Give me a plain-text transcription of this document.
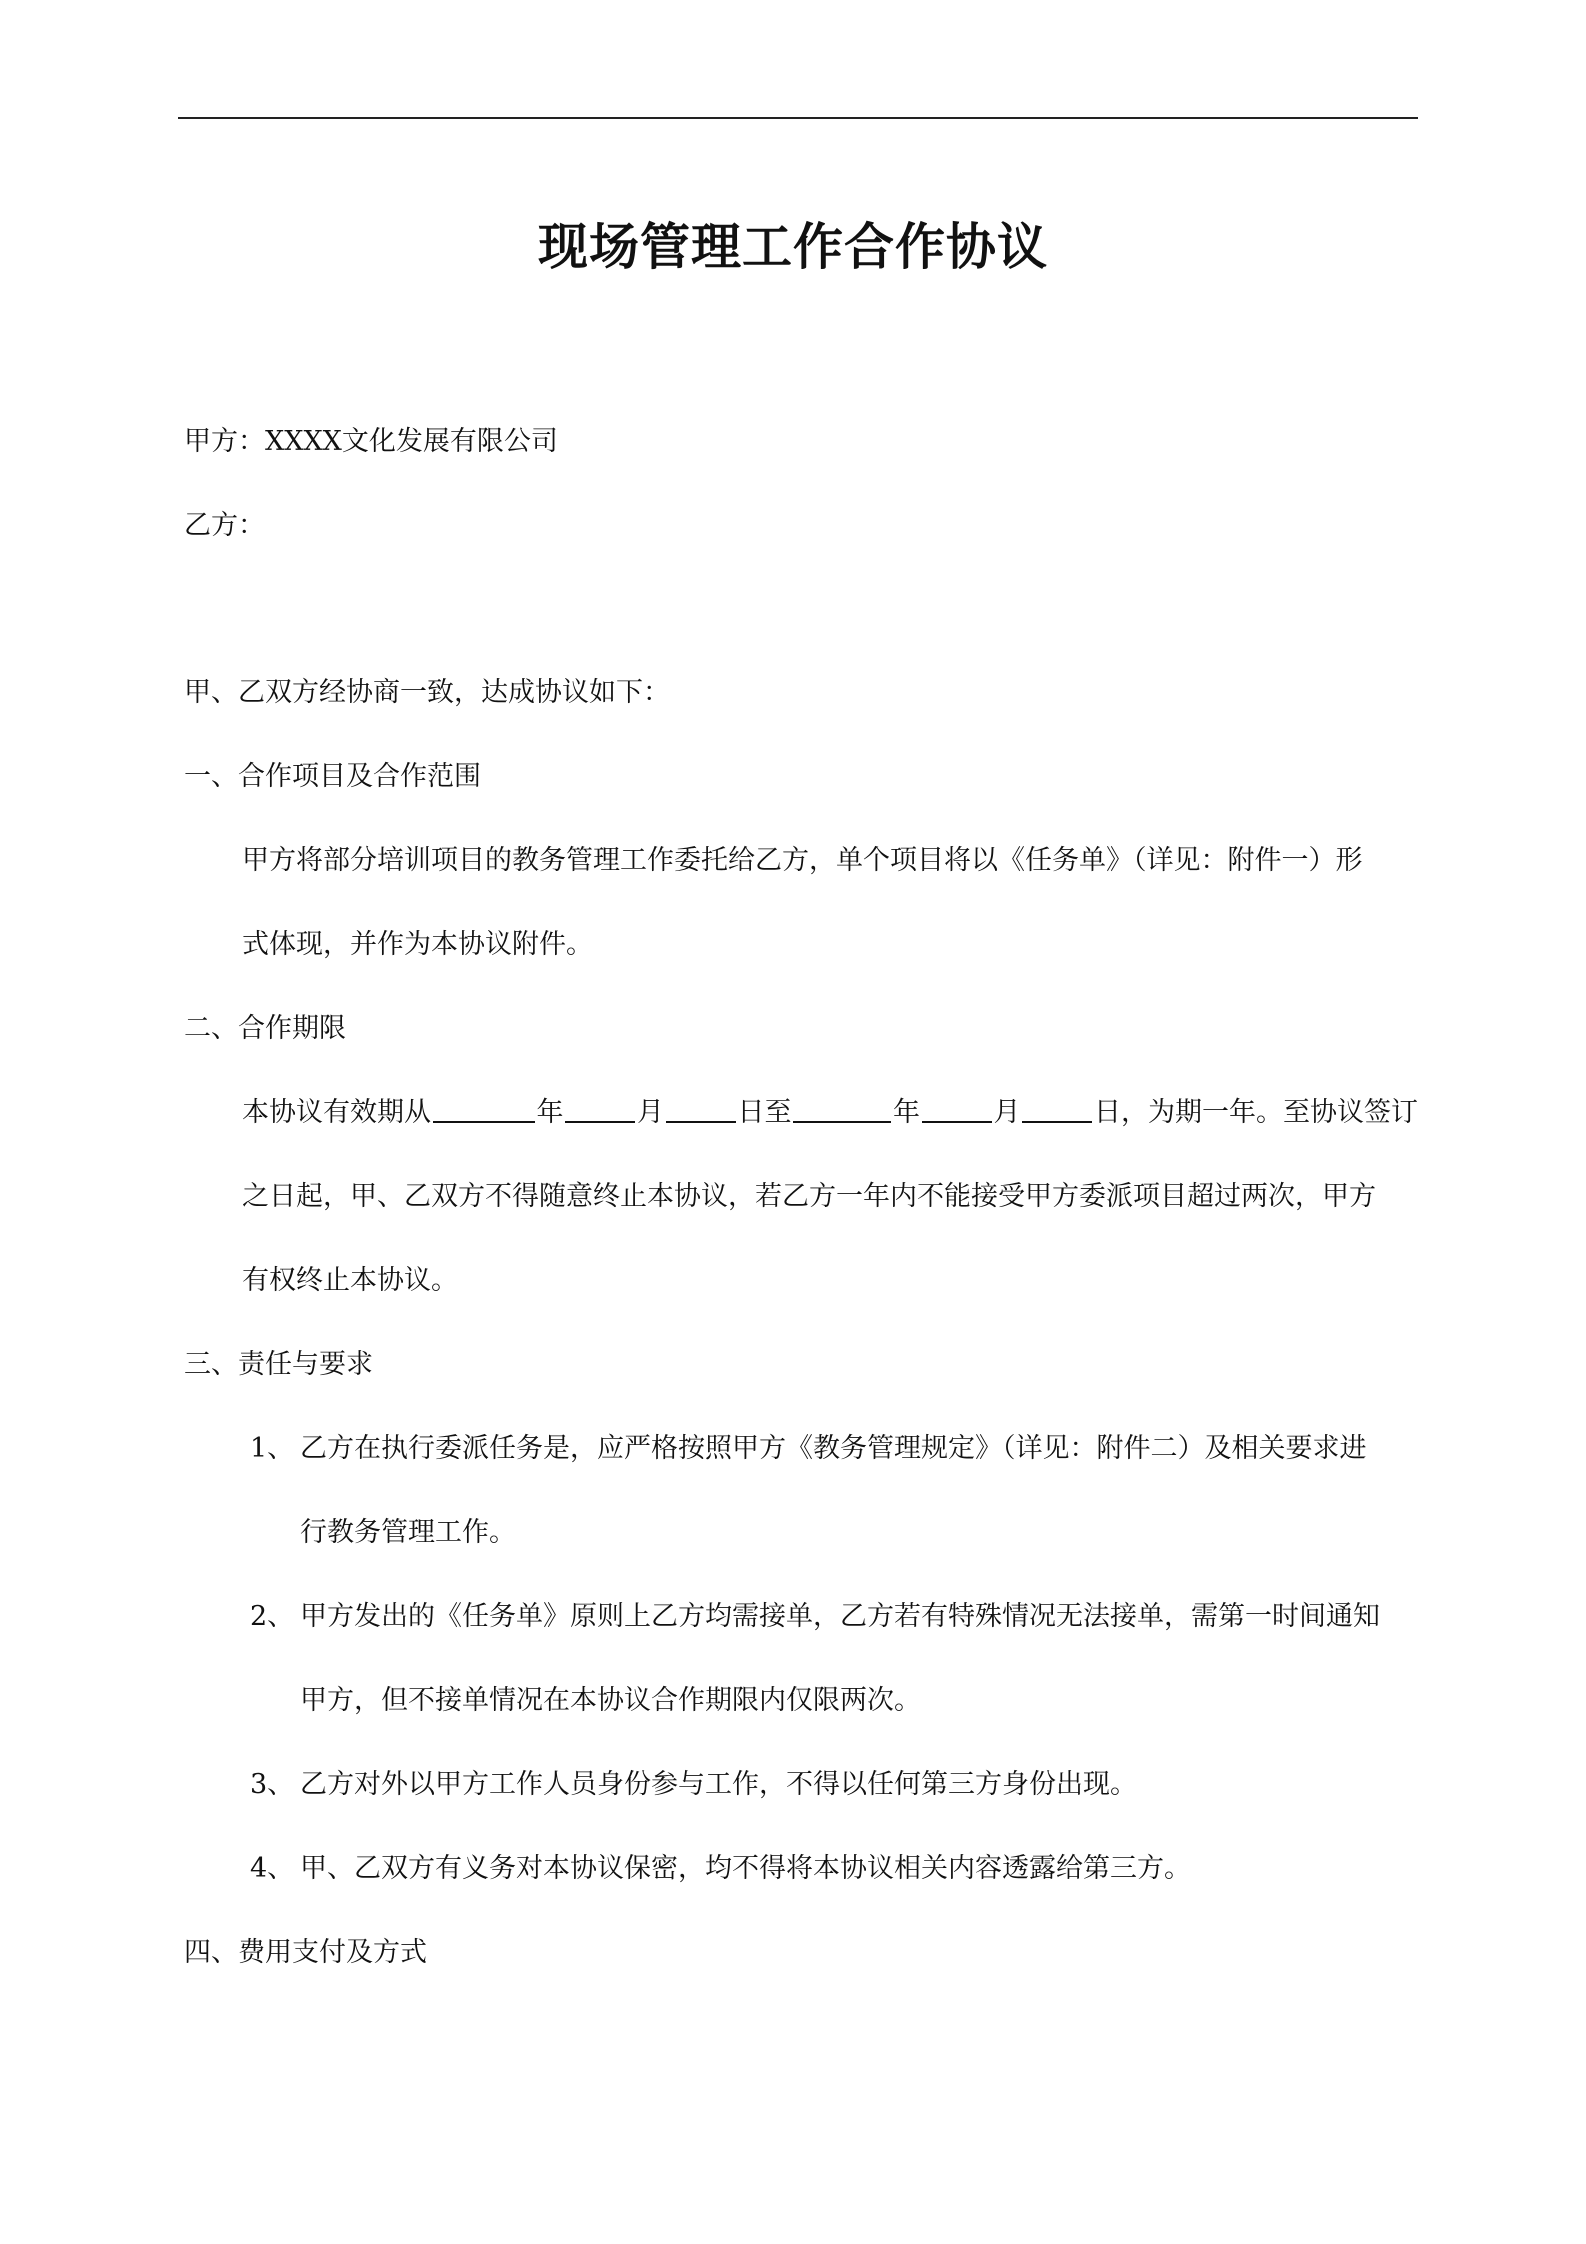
现场管理工作合作协议
甲方：XXXX文化发展有限公司
乙方：
甲、乙双方经协商一致，达成协议如下：
一、合作项目及合作范围
甲方将部分培训项目的教务管理工作委托给乙方，单个项目将以《任务单》（详见：附件一）形
式体现，并作为本协议附件。
二、合作期限
本协议有效期从	年	月	日至	年	月	日，为期一年。至协议签订
之日起，甲、乙双方不得随意终止本协议，若乙方一年内不能接受甲方委派项目超过两次，甲方
有权终止本协议。
三、责任与要求
1、 乙方在执行委派任务是，应严格按照甲方《教务管理规定》（详见：附件二）及相关要求进
行教务管理工作。
2、 甲方发出的《任务单》原则上乙方均需接单，乙方若有特殊情况无法接单，需第一时间通知
甲方，但不接单情况在本协议合作期限内仅限两次。
3、 乙方对外以甲方工作人员身份参与工作，不得以任何第三方身份出现。
4、 甲、乙双方有义务对本协议保密，均不得将本协议相关内容透露给第三方。
四、费用支付及方式
